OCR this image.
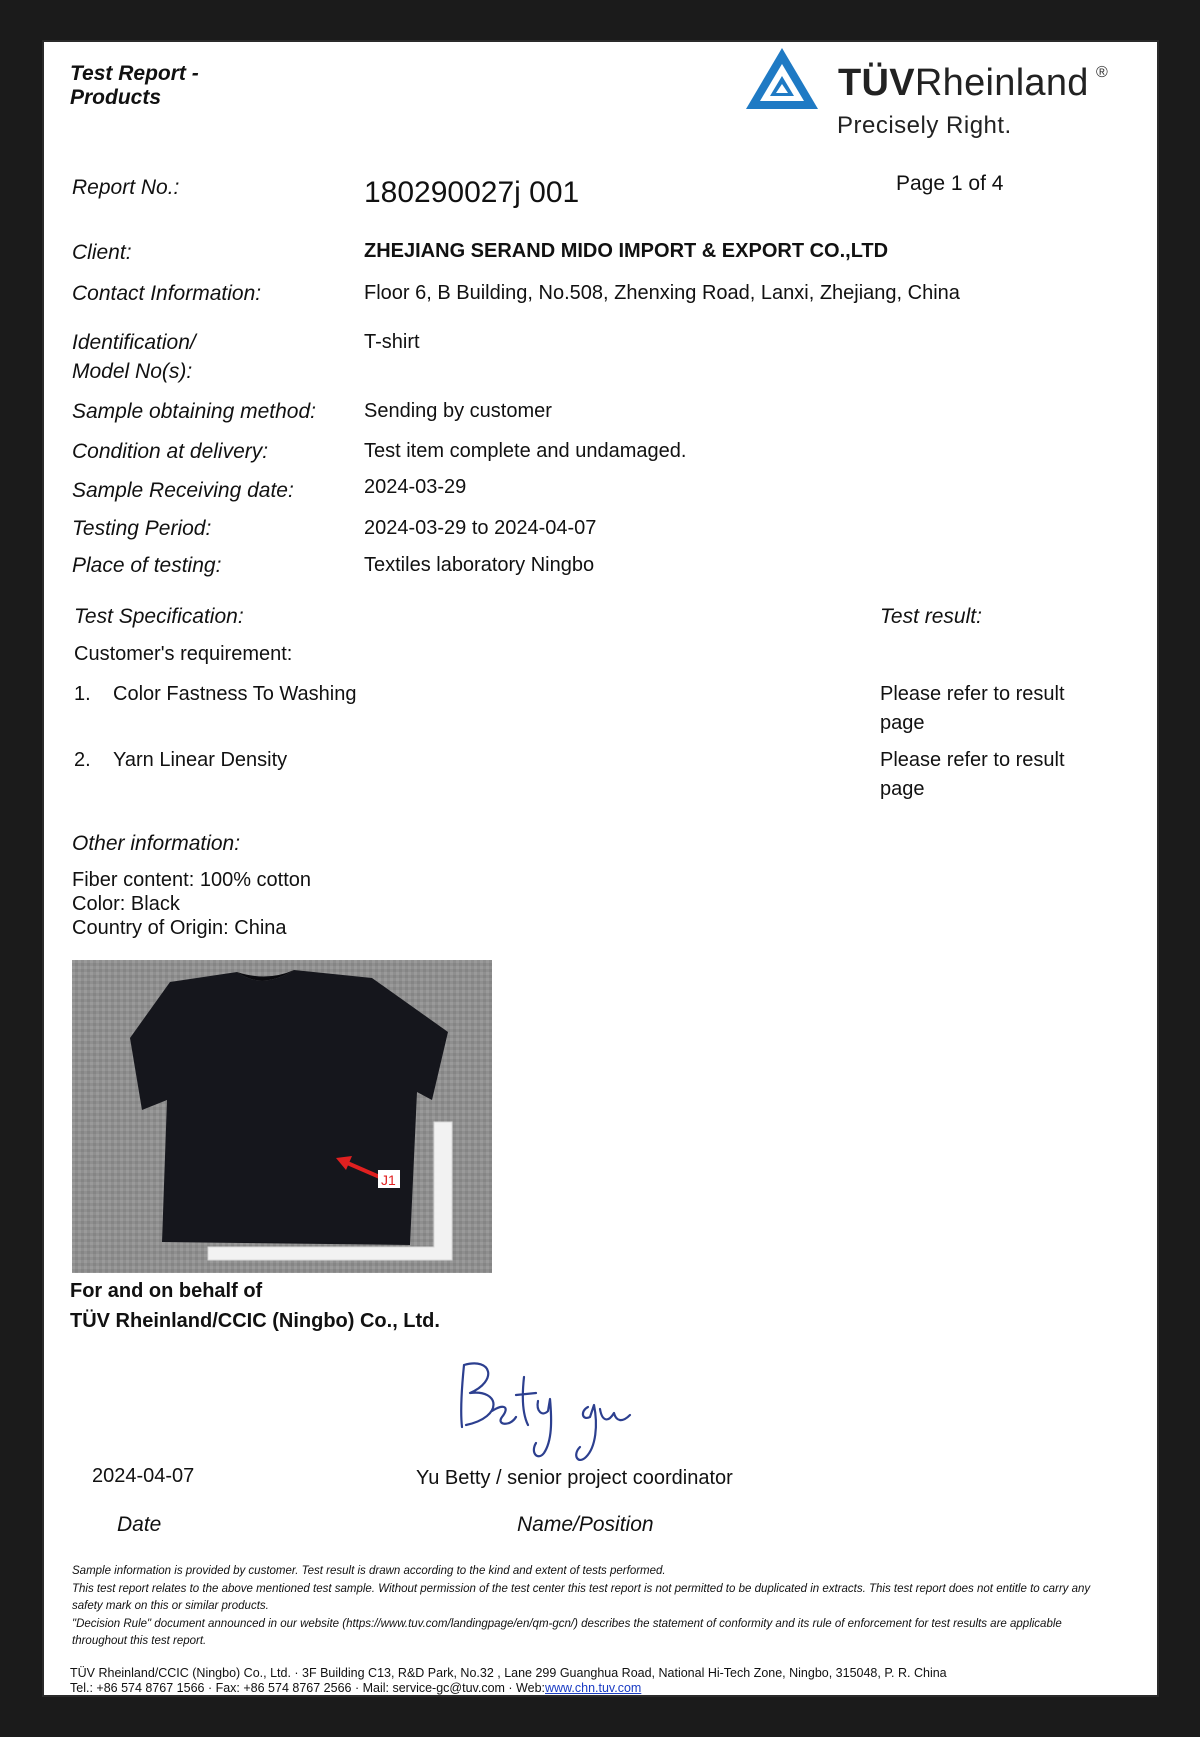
Test Report - Products	TÜVRheinland ®
Precisely Right.
Report No.:	180290027j 001	Page 1 of 4
Client:	ZHEJIANG SERAND MIDO IMPORT & EXPORT CO.,LTD
Contact Information:	Floor 6, B Building, No.508, Zhenxing Road, Lanxi, Zhejiang, China
Identification/
Model No(s):
T-shirt
Sample obtaining method: Sending by customer
Condition at delivery:	Test item complete and undamaged.
Sample Receiving date:	2024-03-29
Testing Period:	2024-03-29 to 2024-04-07
Place of testing:	Textiles laboratory Ningbo
Test Specification:	Test result:
Customer's requirement:
1. Color Fastness To Washing	Please refer to result
page
2. Yarn Linear Density	Please refer to result
page
Other information:
Fiber content: 100% cotton
Color: Black
Country of Origin: China
J1
For and on behalf of
TÜV Rheinland/CCIC (Ningbo) Co., Ltd.
2024-04-07	Yu Betty / senior project coordinator
Date	Name/Position
Sample information is provided by customer. Test result is drawn according to the kind and extent of tests performed.
This test report relates to the above mentioned test sample. Without permission of the test center this test report is not permitted to be duplicated in extracts. This test report does not entitle to carry any safety mark on this or similar products.
"Decision Rule" document announced in our website (https://www.tuv.com/landingpage/en/qm-gcn/) describes the statement of conformity and its rule of enforcement for test results are applicable throughout this test report.
TÜV Rheinland/CCIC (Ningbo) Co., Ltd. · 3F Building C13, R&D Park, No.32 , Lane 299 Guanghua Road, National Hi-Tech Zone, Ningbo, 315048, P. R. China
Tel.: +86 574 8767 1566 · Fax: +86 574 8767 2566 · Mail: service-gc@tuv.com · Web:www.chn.tuv.com
